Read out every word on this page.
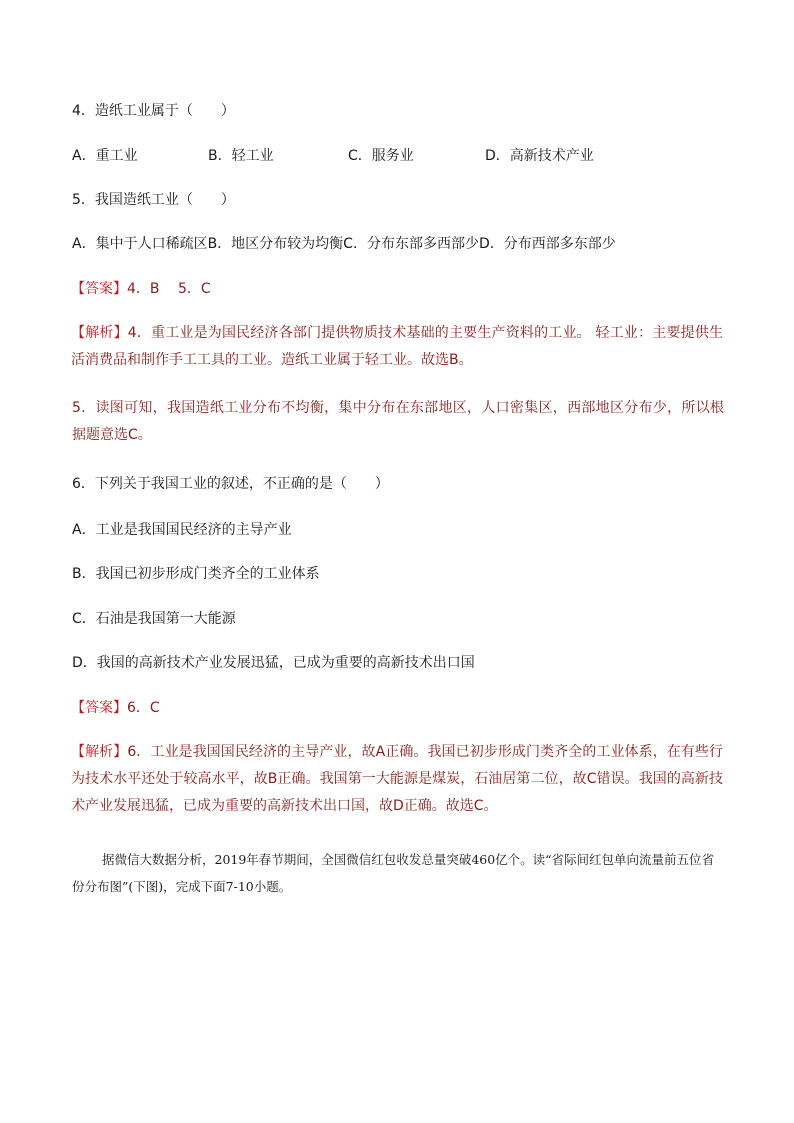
4．造纸工业属于（　　）
A．重工业	B．轻工业	C．服务业	D．高新技术产业
5．我国造纸工业（　　）
A．集中于人口稀疏区B．地区分布较为均衡C．分布东部多西部少D．分布西部多东部少
【答案】4．B　 5．C
【解析】4．重工业是为国民经济各部门提供物质技术基础的主要生产资料的工业。 轻工业：主要提供生活消费品和制作手工工具的工业。造纸工业属于轻工业。故选B。
5．读图可知，我国造纸工业分布不均衡，集中分布在东部地区，人口密集区，西部地区分布少，所以根据题意选C。
6．下列关于我国工业的叙述，不正确的是（　　）
A．工业是我国国民经济的主导产业
B．我国已初步形成门类齐全的工业体系
C．石油是我国第一大能源
D．我国的高新技术产业发展迅猛，已成为重要的高新技术出口国
【答案】6．C
【解析】6．工业是我国国民经济的主导产业，故A正确。我国已初步形成门类齐全的工业体系，在有些行为技术水平还处于较高水平，故B正确。我国第一大能源是煤炭，石油居第二位，故C错误。我国的高新技术产业发展迅猛，已成为重要的高新技术出口国，故D正确。故选C。
据微信大数据分析，2019年春节期间，全国微信红包收发总量突破460亿个。读“省际间红包单向流量前五位省份分布图”(下图)，完成下面7-10小题。
